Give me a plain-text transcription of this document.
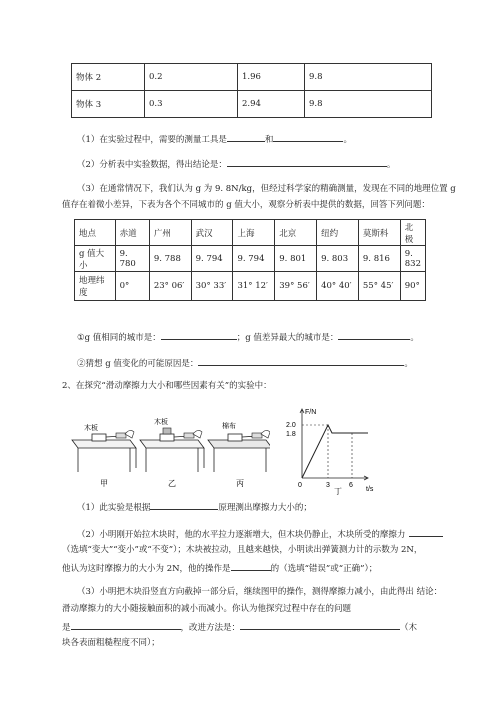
物体 2	0.2	1.96	9.8
物体 3	0.3	2.94	9.8
（1）在实验过程中，需要的测量工具是	和	。
（2）分析表中实验数据，得出结论是：	。
（3）在通常情况下，我们认为 g 为 9. 8N/kg，但经过科学家的精确测量，发现在不同的地理位置 g
值存在着微小差异，下表为各个不同城市的 g 值大小，观察分析表中提供的数据，回答下列问题：
地点	赤道	广州	武汉	上海	北京	纽约	莫斯科	北极
g 值大小	9. 780	9. 788	9. 794	9. 794	9. 801	9. 803	9. 816	9. 832
地理纬
度	0°	23° 06′	30° 33′	31° 12′	39° 56′	40° 40′	55° 45′	90°
①g 值相同的城市是：	；g 值差异最大的城市是：	。
②猜想 g 值变化的可能原因是：	。
2、在探究“滑动摩擦力大小和哪些因素有关”的实验中：
木板
甲
木板
乙
棉布
丙
F/N
t/s
2.0
1.8
0	3	6
丁
（1）此实验是根据	原理测出摩擦力大小的；
（2）小明刚开始拉木块时，他的水平拉力逐渐增大，但木块仍静止，木块所受的摩擦力
（选填“变大”“变小”或“不变”）；木块被拉动，且越来越快，小明读出弹簧测力计的示数为 2N，
他认为这时摩擦力的大小为 2N，他的操作是	的（选填“错误”或“正确”）；
（3）小明把木块沿竖直方向截掉一部分后，继续图甲的操作，测得摩擦力减小，由此得出 结论：
滑动摩擦力的大小随接触面积的减小而减小。你认为他探究过程中存在的问题
是	，改进方法是：	（木
块各表面粗糙程度不同）；
